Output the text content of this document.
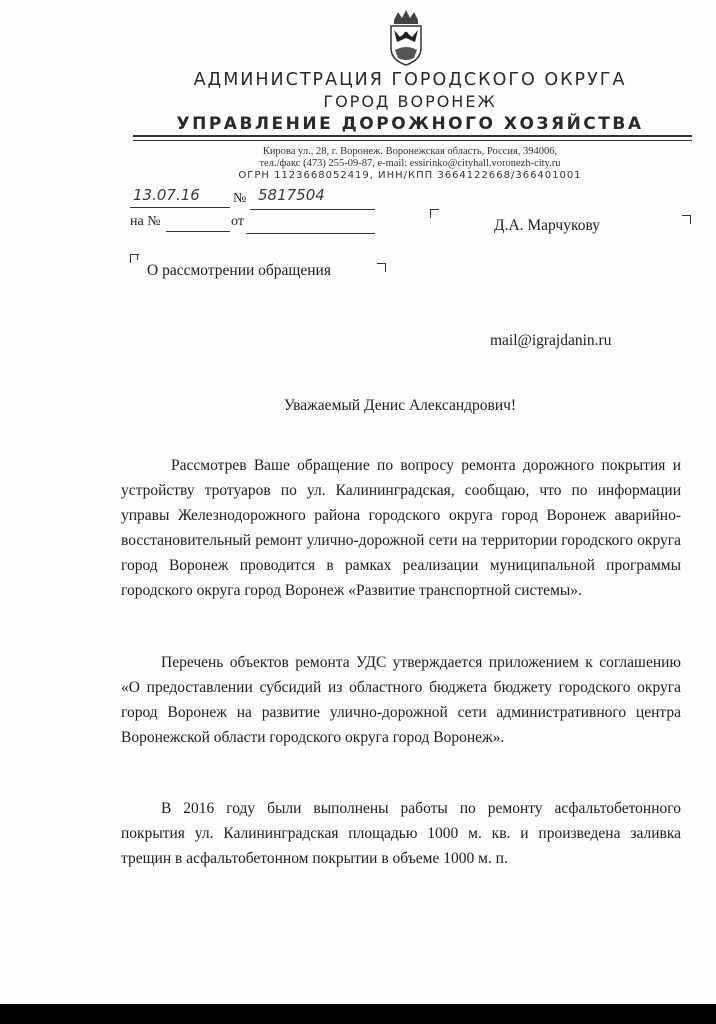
АДМИНИСТРАЦИЯ ГОРОДСКОГО ОКРУГА
ГОРОД ВОРОНЕЖ
УПРАВЛЕНИЕ ДОРОЖНОГО ХОЗЯЙСТВА
Кирова ул., 28, г. Воронеж. Воронежская область, Россия, 394006,
тел./факс (473) 255-09-87, e-mail: essirinko@cityhall.voronezh-city.ru
ОГРН 1123668052419, ИНН/КПП 3664122668/366401001
13.07.16 № 5817504
на №	от	Д.А. Марчукову
О рассмотрении обращения
mail@igrajdanin.ru
Уважаемый Денис Александрович!

Рассмотрев Ваше обращение по вопросу ремонта дорожного покрытия и устройству тротуаров по ул. Калининградская, сообщаю, что по информации управы Железнодорожного района городского округа город Воронеж аварийно-восстановительный ремонт улично-дорожной сети на территории городского округа город Воронеж проводится в рамках реализации муниципальной программы городского округа город Воронеж «Развитие транспортной системы».

Перечень объектов ремонта УДС утверждается приложением к соглашению «О предоставлении субсидий из областного бюджета бюджету городского округа город Воронеж на развитие улично-дорожной сети административного центра Воронежской области городского округа город Воронеж».

В 2016 году были выполнены работы по ремонту асфальтобетонного покрытия ул. Калининградская площадью 1000 м. кв. и произведена заливка трещин в асфальтобетонном покрытии в объеме 1000 м. п.
